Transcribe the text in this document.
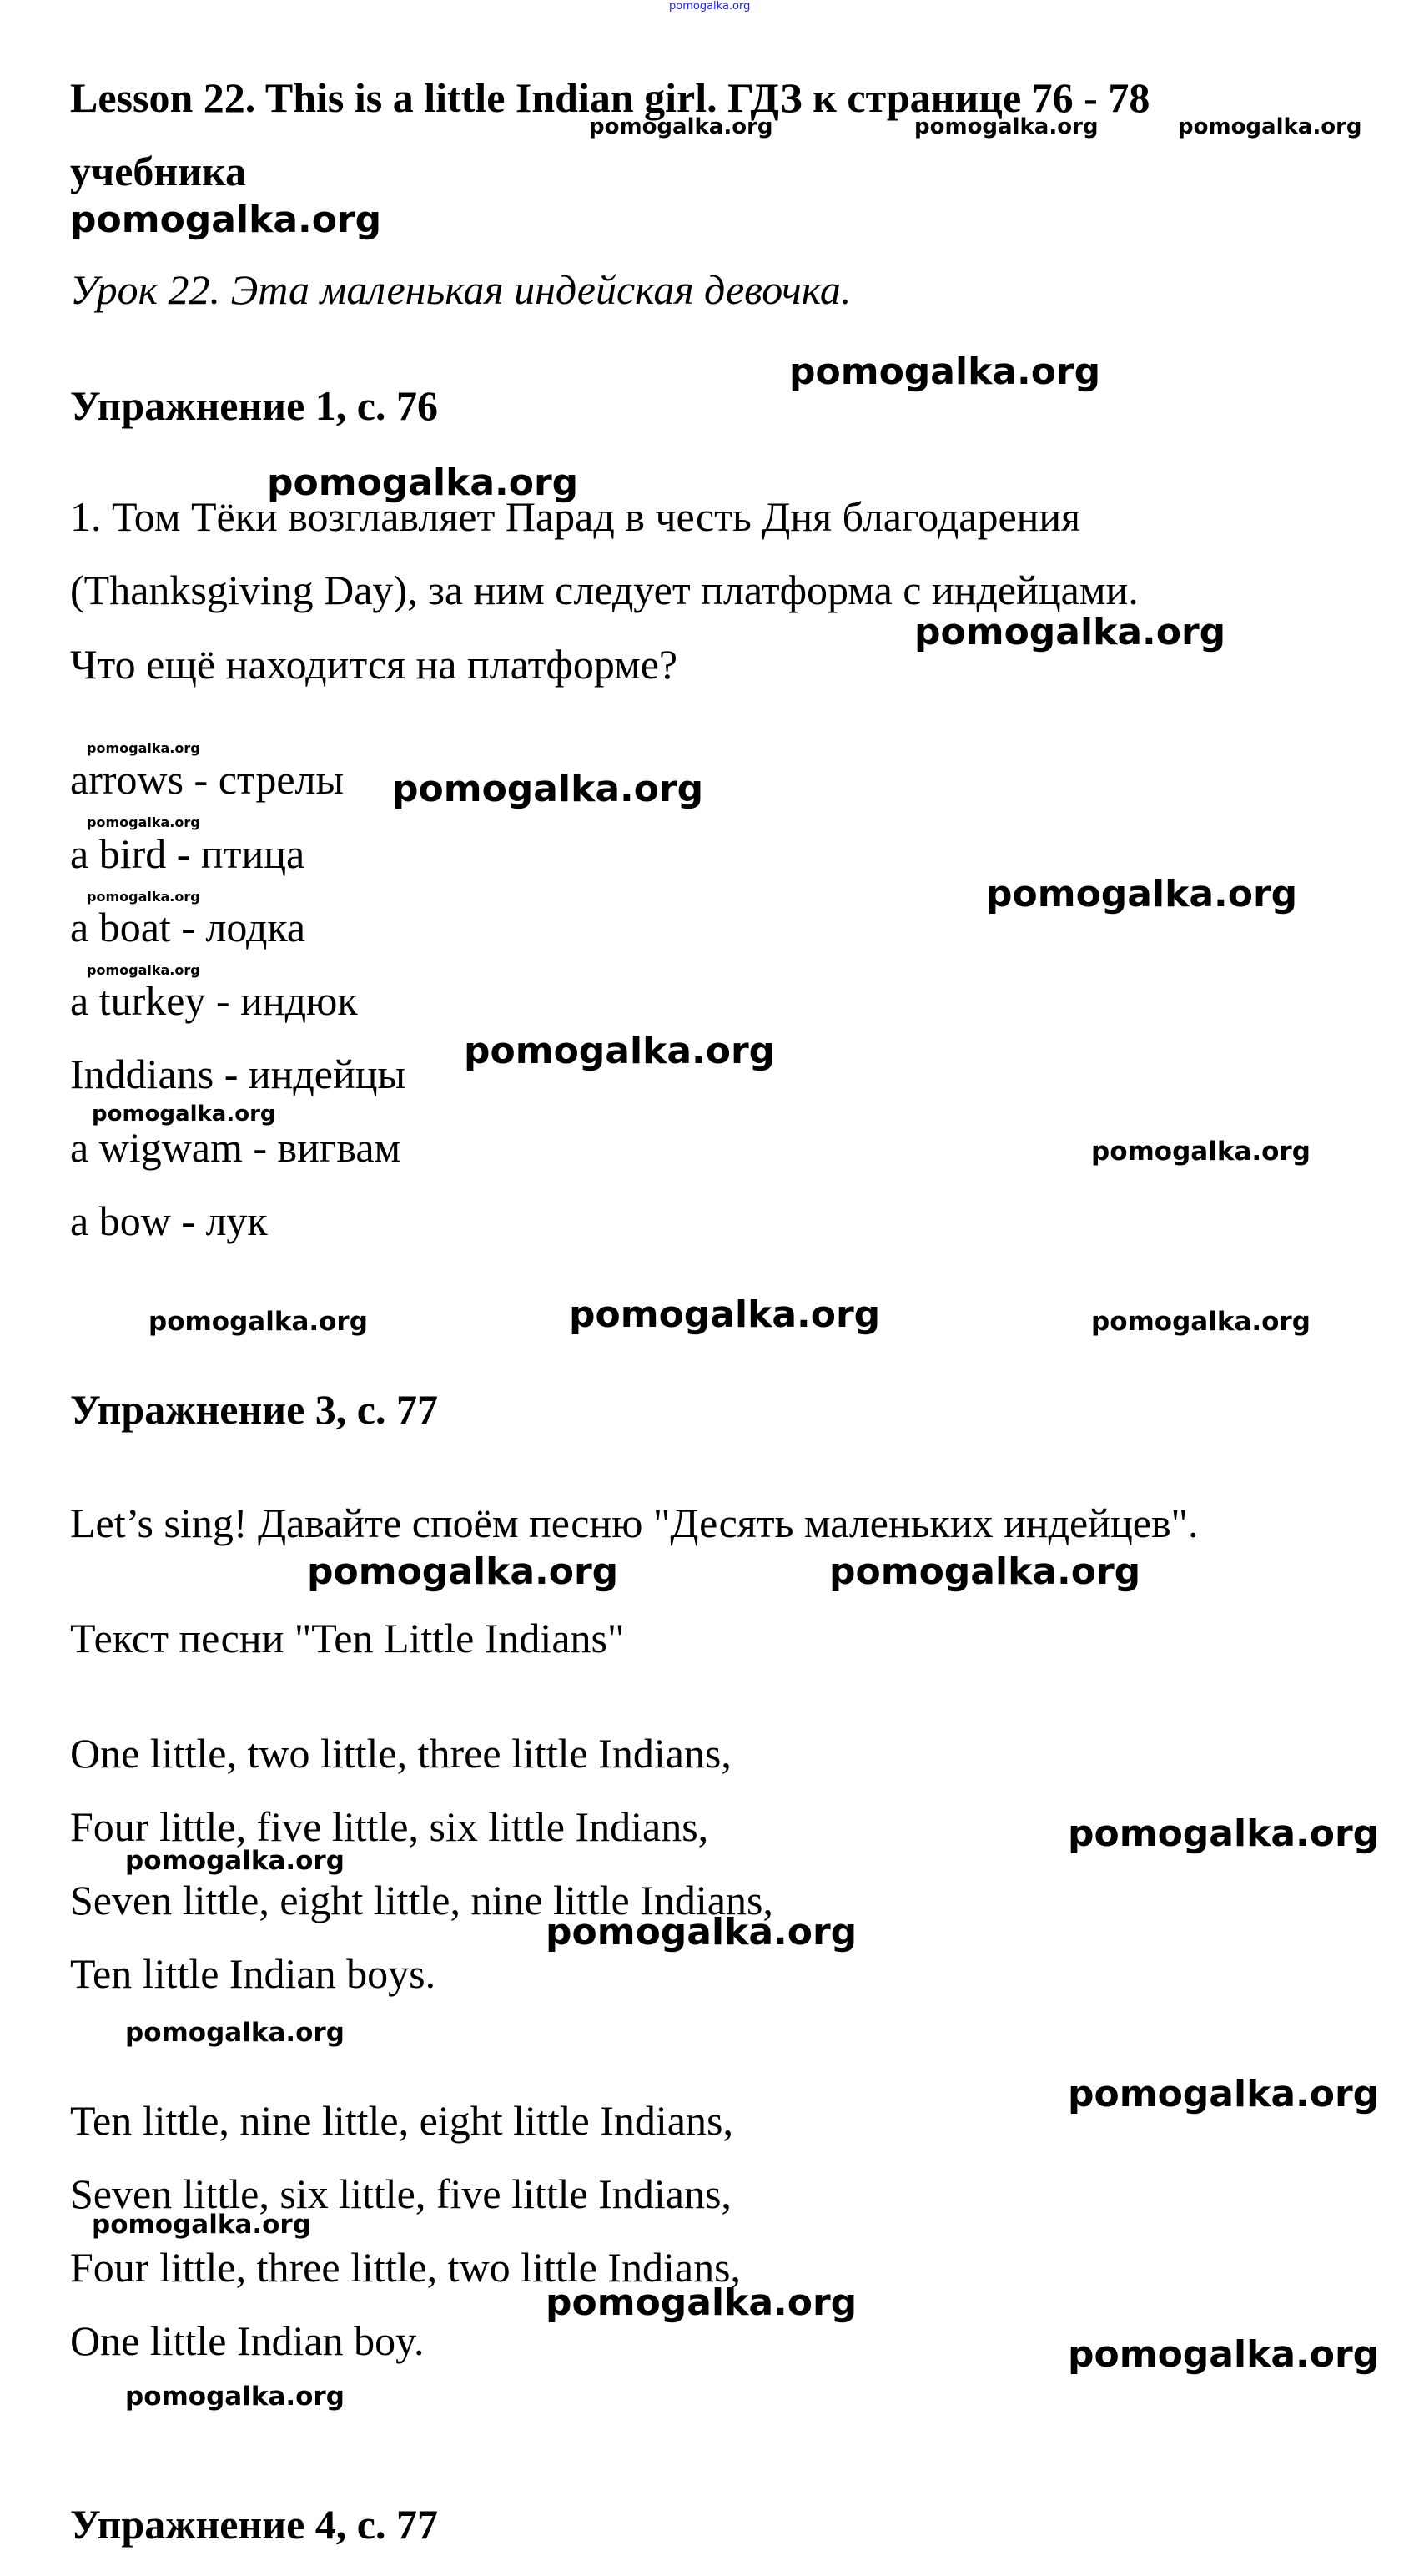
pomogalka.org
Lesson 22. This is a little Indian girl. ГДЗ к странице 76 - 78
учебника
Урок 22. Эта маленькая индейская девочка.
pomogalka.org	pomogalka.org	pomogalka.org
pomogalka.org
Упражнение 1, с. 76
pomogalka.org
pomogalka.org
1. Том Тёки возглавляет Парад в честь Дня благодарения
(Thanksgiving Day), за ним следует платформа с индейцами.
pomogalka.org
Что ещё находится на платформе?
pomogalka.org
arrows - стрелы pomogalka.org
pomogalka.org
a bird - птица
pomogalka.org
a boat - лодка
pomogalka.org
pomogalka.org
a turkey - индюк
Inddians - индейцы pomogalka.org
pomogalka.org
a wigwam - вигвам	pomogalka.org
a bow - лук
pomogalka.org	pomogalka.org	pomogalka.org
Упражнение 3, с. 77
Let’s sing! Давайте споём песню "Десять маленьких индейцев".
pomogalka.org	pomogalka.org
Текст песни "Ten Little Indians"
One little, two little, three little Indians,
Four little, five little, six little Indians,	pomogalka.org
pomogalka.org
Seven little, eight little, nine little Indians,
pomogalka.org
Ten little Indian boys.
pomogalka.org
pomogalka.org
Ten little, nine little, eight little Indians,
Seven little, six little, five little Indians,
pomogalka.org
Four little, three little, two little Indians,
pomogalka.org
One little Indian boy.	pomogalka.org
pomogalka.org
Упражнение 4, с. 77
